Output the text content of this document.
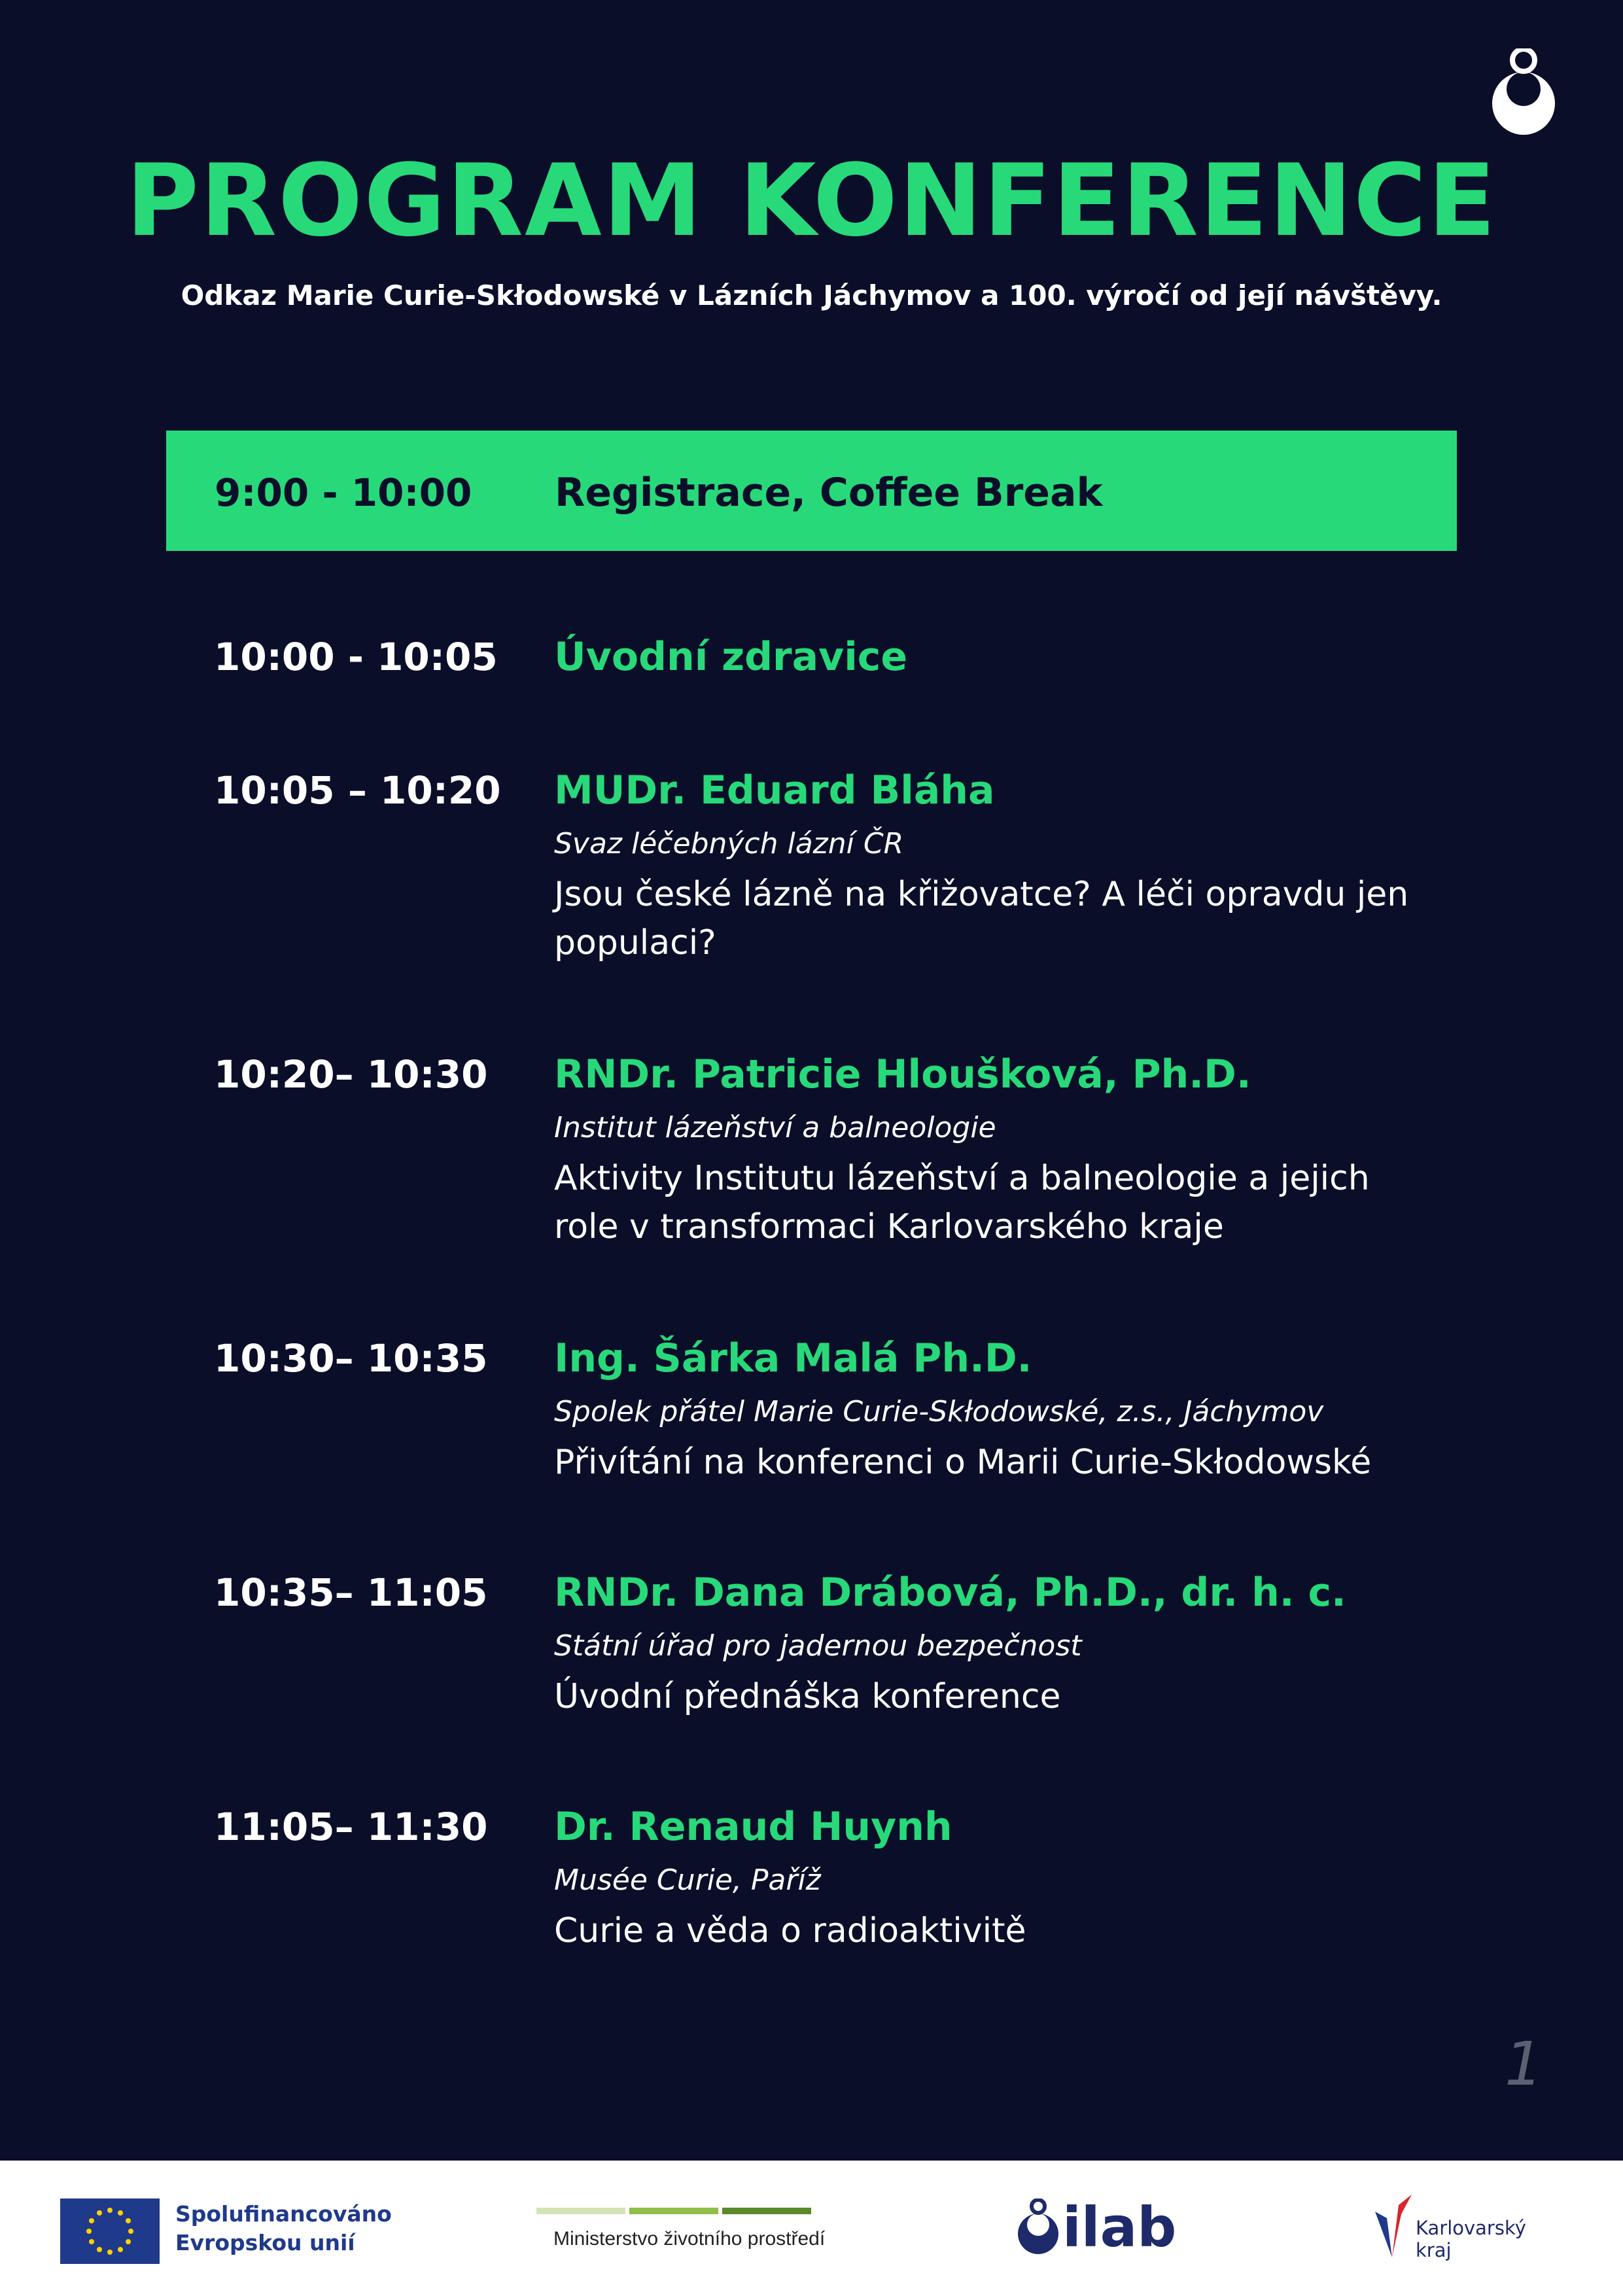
PROGRAM KONFERENCE
Odkaz Marie Curie-Skłodowské v Lázních Jáchymov a 100. výročí od její návštěvy.
9:00 - 10:00 Registrace, Coffee Break
10:00 - 10:05 Úvodní zdravice
10:05 – 10:20 MUDr. Eduard Bláha
Svaz léčebných lázní ČR
Jsou české lázně na křižovatce? A léči opravdu jen populaci?
10:20– 10:30 RNDr. Patricie Hloušková, Ph.D.
Institut lázeňství a balneologie
Aktivity Institutu lázeňství a balneologie a jejich role v transformaci Karlovarského kraje
10:30– 10:35 Ing. Šárka Malá Ph.D.
Spolek přátel Marie Curie-Skłodowské, z.s., Jáchymov
Přivítání na konferenci o Marii Curie-Skłodowské
10:35– 11:05 RNDr. Dana Drábová, Ph.D., dr. h. c.
Státní úřad pro jadernou bezpečnost
Úvodní přednáška konference
11:05– 11:30 Dr. Renaud Huynh
Musée Curie, Paříž
Curie a věda o radioaktivitě
1
Spolufinancováno
Evropskou unií	Ministerstvo životního prostředí	ilab	Karlovarský
kraj
